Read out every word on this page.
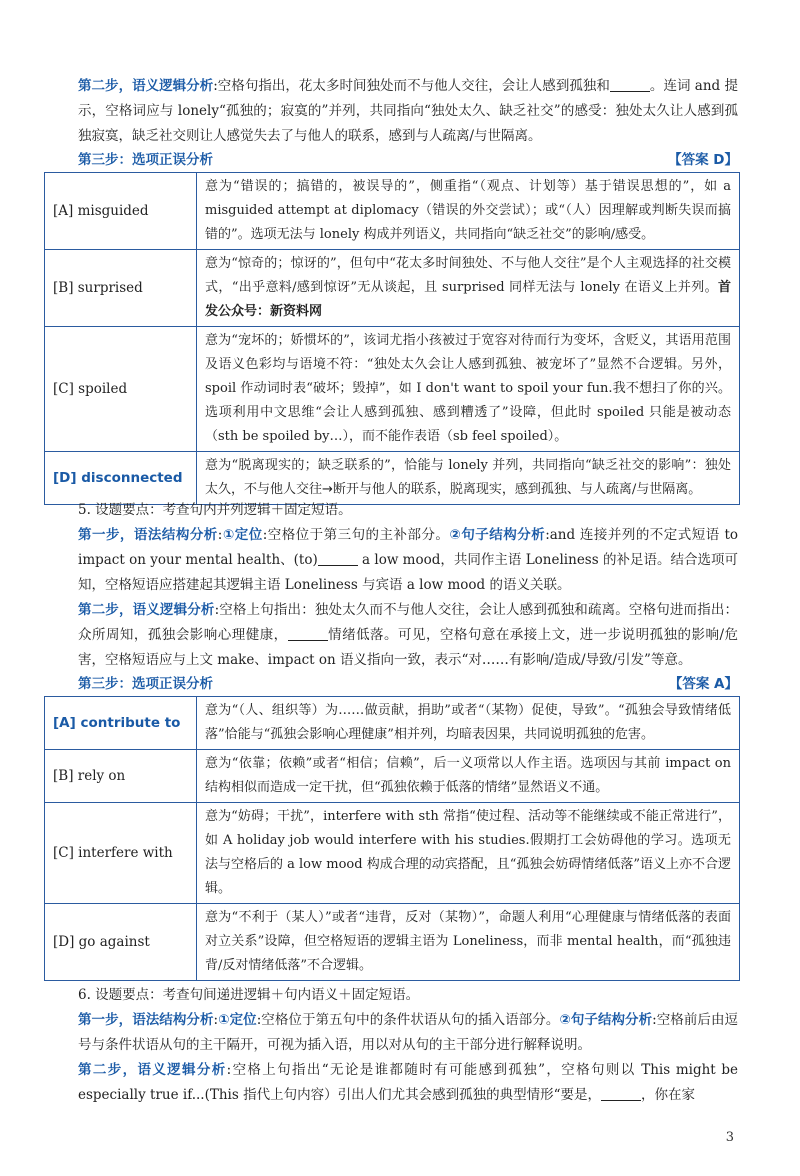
第二步，语义逻辑分析:空格句指出，花太多时间独处而不与他人交往，会让人感到孤独和	。连词 and 提示，空格词应与 lonely“孤独的；寂寞的”并列，共同指向“独处太久、缺乏社交”的感受：独处太久让人感到孤独寂寞，缺乏社交则让人感觉失去了与他人的联系，感到与人疏离/与世隔离。

第三步：选项正误分析	【答案 D】
[A] misguided	意为“错误的；搞错的，被误导的”，侧重指“（观点、计划等）基于错误思想的”，如 a misguided attempt at diplomacy（错误的外交尝试）；或“（人）因理解或判断失误而搞错的”。选项无法与 lonely 构成并列语义，共同指向“缺乏社交”的影响/感受。
[B] surprised	意为“惊奇的；惊讶的”，但句中“花太多时间独处、不与他人交往”是个人主观选择的社交模式，“出乎意料/感到惊讶”无从谈起，且 surprised 同样无法与 lonely 在语义上并列。首发公众号：新资料网
[C] spoiled	意为“宠坏的；娇惯坏的”，该词尤指小孩被过于宽容对待而行为变坏，含贬义，其语用范围及语义色彩均与语境不符：“独处太久会让人感到孤独、被宠坏了”显然不合逻辑。另外，spoil 作动词时表“破坏；毁掉”，如 I don't want to spoil your fun.我不想扫了你的兴。选项利用中文思维“会让人感到孤独、感到糟透了”设障，但此时 spoiled 只能是被动态（sth be spoiled by…），而不能作表语（sb feel spoiled）。
[D] disconnected	意为“脱离现实的；缺乏联系的”，恰能与 lonely 并列，共同指向“缺乏社交的影响”：独处太久，不与他人交往→断开与他人的联系，脱离现实，感到孤独、与人疏离/与世隔离。

5. 设题要点：考查句内并列逻辑＋固定短语。

第一步，语法结构分析:①定位:空格位于第三句的主补部分。②句子结构分析:and 连接并列的不定式短语 to impact on your mental health、(to)	a low mood，共同作主语 Loneliness 的补足语。结合选项可知，空格短语应搭建起其逻辑主语 Loneliness 与宾语 a low mood 的语义关联。

第二步，语义逻辑分析:空格上句指出：独处太久而不与他人交往，会让人感到孤独和疏离。空格句进而指出：众所周知，孤独会影响心理健康，	情绪低落。可见，空格句意在承接上文，进一步说明孤独的影响/危害，空格短语应与上文 make、impact on 语义指向一致，表示“对……有影响/造成/导致/引发”等意。

第三步：选项正误分析	【答案 A】
[A] contribute to	意为“（人、组织等）为……做贡献，捐助”或者“（某物）促使，导致”。“孤独会导致情绪低落”恰能与“孤独会影响心理健康”相并列，均暗表因果，共同说明孤独的危害。
[B] rely on	意为“依靠；依赖”或者“相信；信赖”，后一义项常以人作主语。选项因与其前 impact on 结构相似而造成一定干扰，但“孤独依赖于低落的情绪”显然语义不通。
[C] interfere with	意为“妨碍；干扰”，interfere with sth 常指“使过程、活动等不能继续或不能正常进行”，如 A holiday job would interfere with his studies.假期打工会妨碍他的学习。选项无法与空格后的 a low mood 构成合理的动宾搭配，且“孤独会妨碍情绪低落”语义上亦不合逻辑。
[D] go against	意为“不利于（某人）”或者“违背，反对（某物）”，命题人利用“心理健康与情绪低落的表面对立关系”设障，但空格短语的逻辑主语为 Loneliness，而非 mental health，而“孤独违背/反对情绪低落”不合逻辑。

6. 设题要点：考查句间递进逻辑＋句内语义＋固定短语。

第一步，语法结构分析:①定位:空格位于第五句中的条件状语从句的插入语部分。②句子结构分析:空格前后由逗号与条件状语从句的主干隔开，可视为插入语，用以对从句的主干部分进行解释说明。

第二步，语义逻辑分析:空格上句指出“无论是谁都随时有可能感到孤独”，空格句则以 This might be especially true if...(This 指代上句内容）引出人们尤其会感到孤独的典型情形“要是，	，你在家

3
